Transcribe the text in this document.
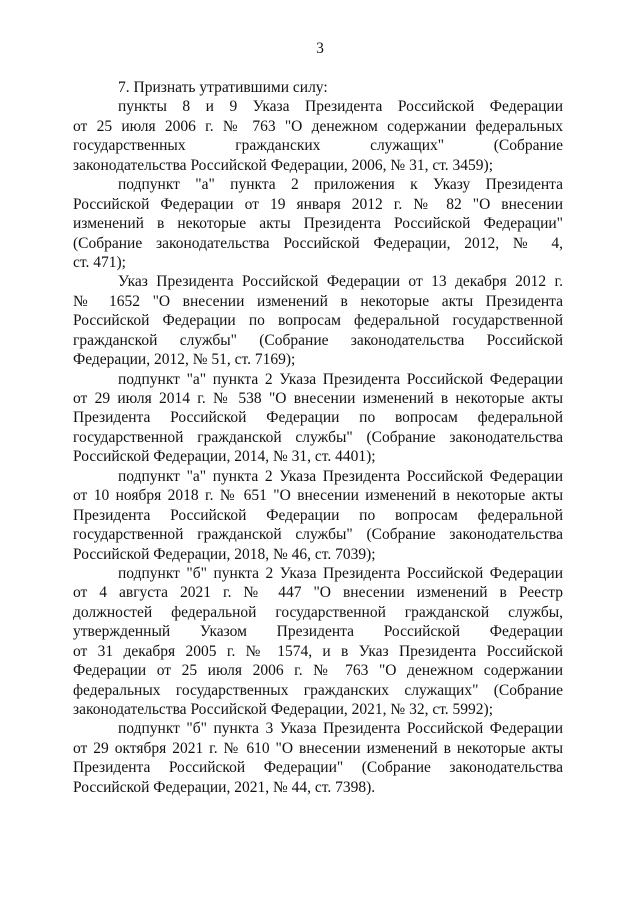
3
7. Признать утратившими силу:
пункты 8 и 9 Указа Президента Российской Федерации
от 25 июля 2006 г. № 763 "О денежном содержании федеральных
государственных гражданских служащих" (Собрание
законодательства Российской Федерации, 2006, № 31, ст. 3459);
подпункт "а" пункта 2 приложения к Указу Президента
Российской Федерации от 19 января 2012 г. № 82 "О внесении
изменений в некоторые акты Президента Российской Федерации"
(Собрание законодательства Российской Федерации, 2012, № 4,
ст. 471);
Указ Президента Российской Федерации от 13 декабря 2012 г.
№ 1652 "О внесении изменений в некоторые акты Президента
Российской Федерации по вопросам федеральной государственной
гражданской службы" (Собрание законодательства Российской
Федерации, 2012, № 51, ст. 7169);
подпункт "а" пункта 2 Указа Президента Российской Федерации
от 29 июля 2014 г. № 538 "О внесении изменений в некоторые акты
Президента Российской Федерации по вопросам федеральной
государственной гражданской службы" (Собрание законодательства
Российской Федерации, 2014, № 31, ст. 4401);
подпункт "а" пункта 2 Указа Президента Российской Федерации
от 10 ноября 2018 г. № 651 "О внесении изменений в некоторые акты
Президента Российской Федерации по вопросам федеральной
государственной гражданской службы" (Собрание законодательства
Российской Федерации, 2018, № 46, ст. 7039);
подпункт "б" пункта 2 Указа Президента Российской Федерации
от 4 августа 2021 г. № 447 "О внесении изменений в Реестр
должностей федеральной государственной гражданской службы,
утвержденный Указом Президента Российской Федерации
от 31 декабря 2005 г. № 1574, и в Указ Президента Российской
Федерации от 25 июля 2006 г. № 763 "О денежном содержании
федеральных государственных гражданских служащих" (Собрание
законодательства Российской Федерации, 2021, № 32, ст. 5992);
подпункт "б" пункта 3 Указа Президента Российской Федерации
от 29 октября 2021 г. № 610 "О внесении изменений в некоторые акты
Президента Российской Федерации" (Собрание законодательства
Российской Федерации, 2021, № 44, ст. 7398).
